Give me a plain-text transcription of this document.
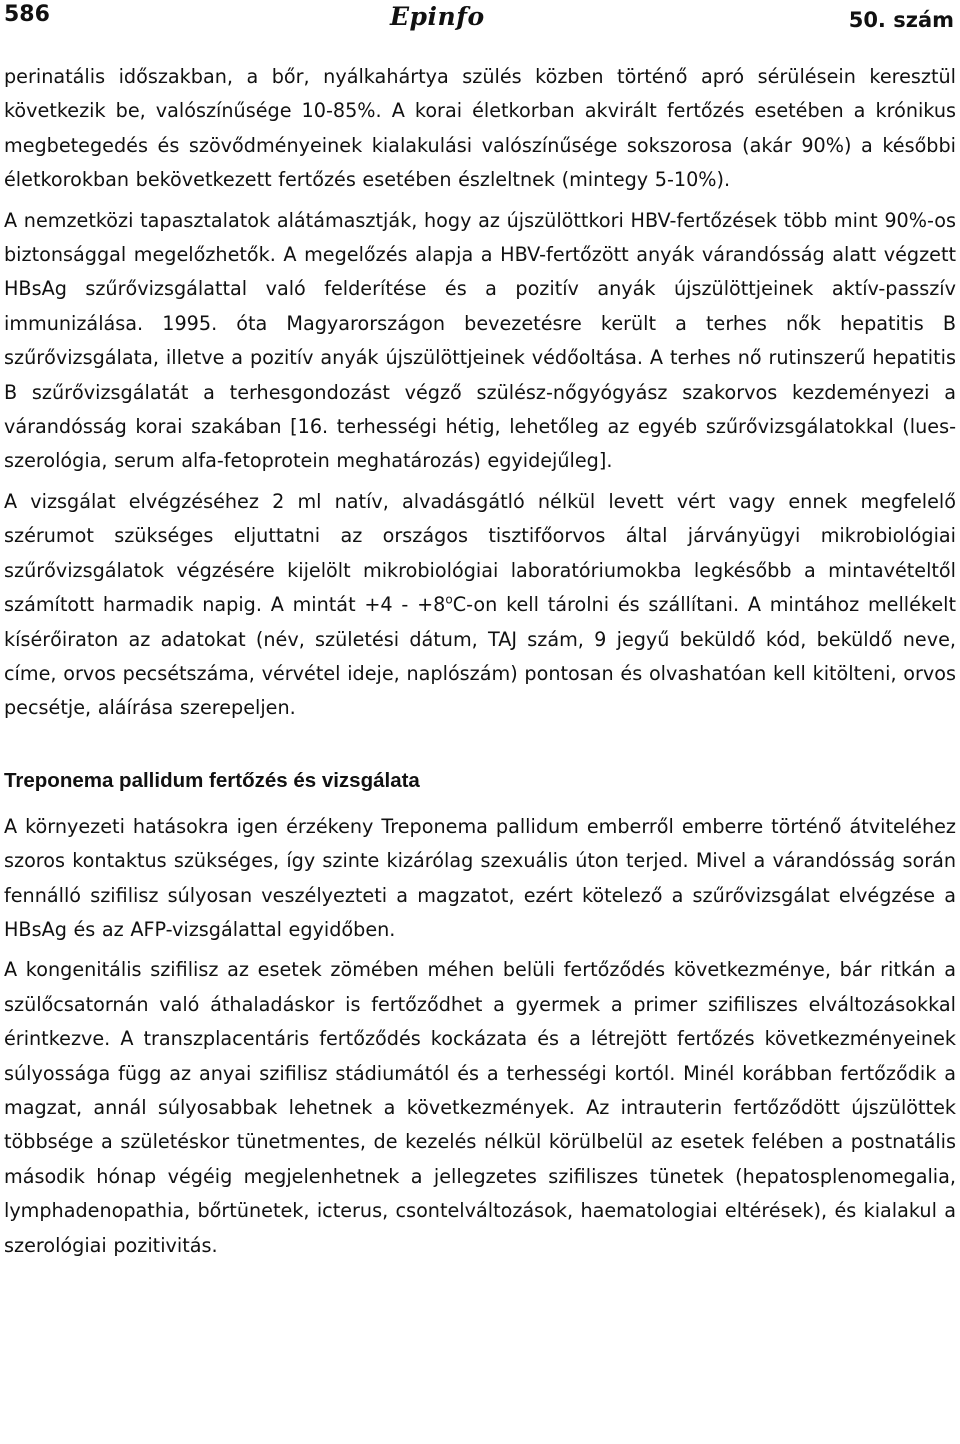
586	Epinfo	50. szám

perinatális időszakban, a bőr, nyálkahártya szülés közben történő apró sérülésein keresztül következik be, valószínűsége 10-85%. A korai életkorban akvirált fertőzés esetében a krónikus megbetegedés és szövődményeinek kialakulási valószínűsége sokszorosa (akár 90%) a későbbi életkorokban bekövetkezett fertőzés esetében észleltnek (mintegy 5-10%).

A nemzetközi tapasztalatok alátámasztják, hogy az újszülöttkori HBV-fertőzések több mint 90%-os biztonsággal megelőzhetők. A megelőzés alapja a HBV-fertőzött anyák várandósság alatt végzett HBsAg szűrővizsgálattal való felderítése és a pozitív anyák újszülöttjeinek aktív-passzív immunizálása. 1995. óta Magyarországon bevezetésre került a terhes nők hepatitis B szűrővizsgálata, illetve a pozitív anyák újszülöttjeinek védőoltása. A terhes nő rutinszerű hepatitis B szűrővizsgálatát a terhesgondozást végző szülész-nőgyógyász szakorvos kezdeményezi a várandósság korai szakában [16. terhességi hétig, lehetőleg az egyéb szűrővizsgálatokkal (lues-szerológia, serum alfa-fetoprotein meghatározás) egyidejűleg].

A vizsgálat elvégzéséhez 2 ml natív, alvadásgátló nélkül levett vért vagy ennek megfelelő szérumot szükséges eljuttatni az országos tisztifőorvos által járványügyi mikrobiológiai szűrővizsgálatok végzésére kijelölt mikrobiológiai laboratóriumokba legkésőbb a mintavételtől számított harmadik napig. A mintát $+4 - +8^oC-on$ kell tárolni és szállítani. A mintához mellékelt kísérőiraton az adatokat (név, születési dátum, TAJ szám, 9 jegyű beküldő kód, beküldő neve, címe, orvos pecsétszáma, vérvétel ideje, naplószám) pontosan és olvashatóan kell kitölteni, orvos pecsétje, aláírása szerepeljen.

Treponema pallidum fertőzés és vizsgálata

A környezeti hatásokra igen érzékeny Treponema pallidum emberről emberre történő átviteléhez szoros kontaktus szükséges, így szinte kizárólag szexuális úton terjed. Mivel a várandósság során fennálló szifilisz súlyosan veszélyezteti a magzatot, ezért kötelező a szűrővizsgálat elvégzése a HBsAg és az AFP-vizsgálattal egyidőben.

A kongenitális szifilisz az esetek zömében méhen belüli fertőződés következménye, bár ritkán a szülőcsatornán való áthaladáskor is fertőződhet a gyermek a primer szifiliszes elváltozásokkal érintkezve. A transzplacentáris fertőződés kockázata és a létrejött fertőzés következményeinek súlyossága függ az anyai szifilisz stádiumától és a terhességi kortól. Minél korábban fertőződik a magzat, annál súlyosabbak lehetnek a következmények. Az intrauterin fertőződött újszülöttek többsége a születéskor tünetmentes, de kezelés nélkül körülbelül az esetek felében a postnatális második hónap végéig megjelenhetnek a jellegzetes szifiliszes tünetek (hepatosplenomegalia, lymphadenopathia, bőrtünetek, icterus, csontelváltozások, haematologiai eltérések), és kialakul a szerológiai pozitivitás.
